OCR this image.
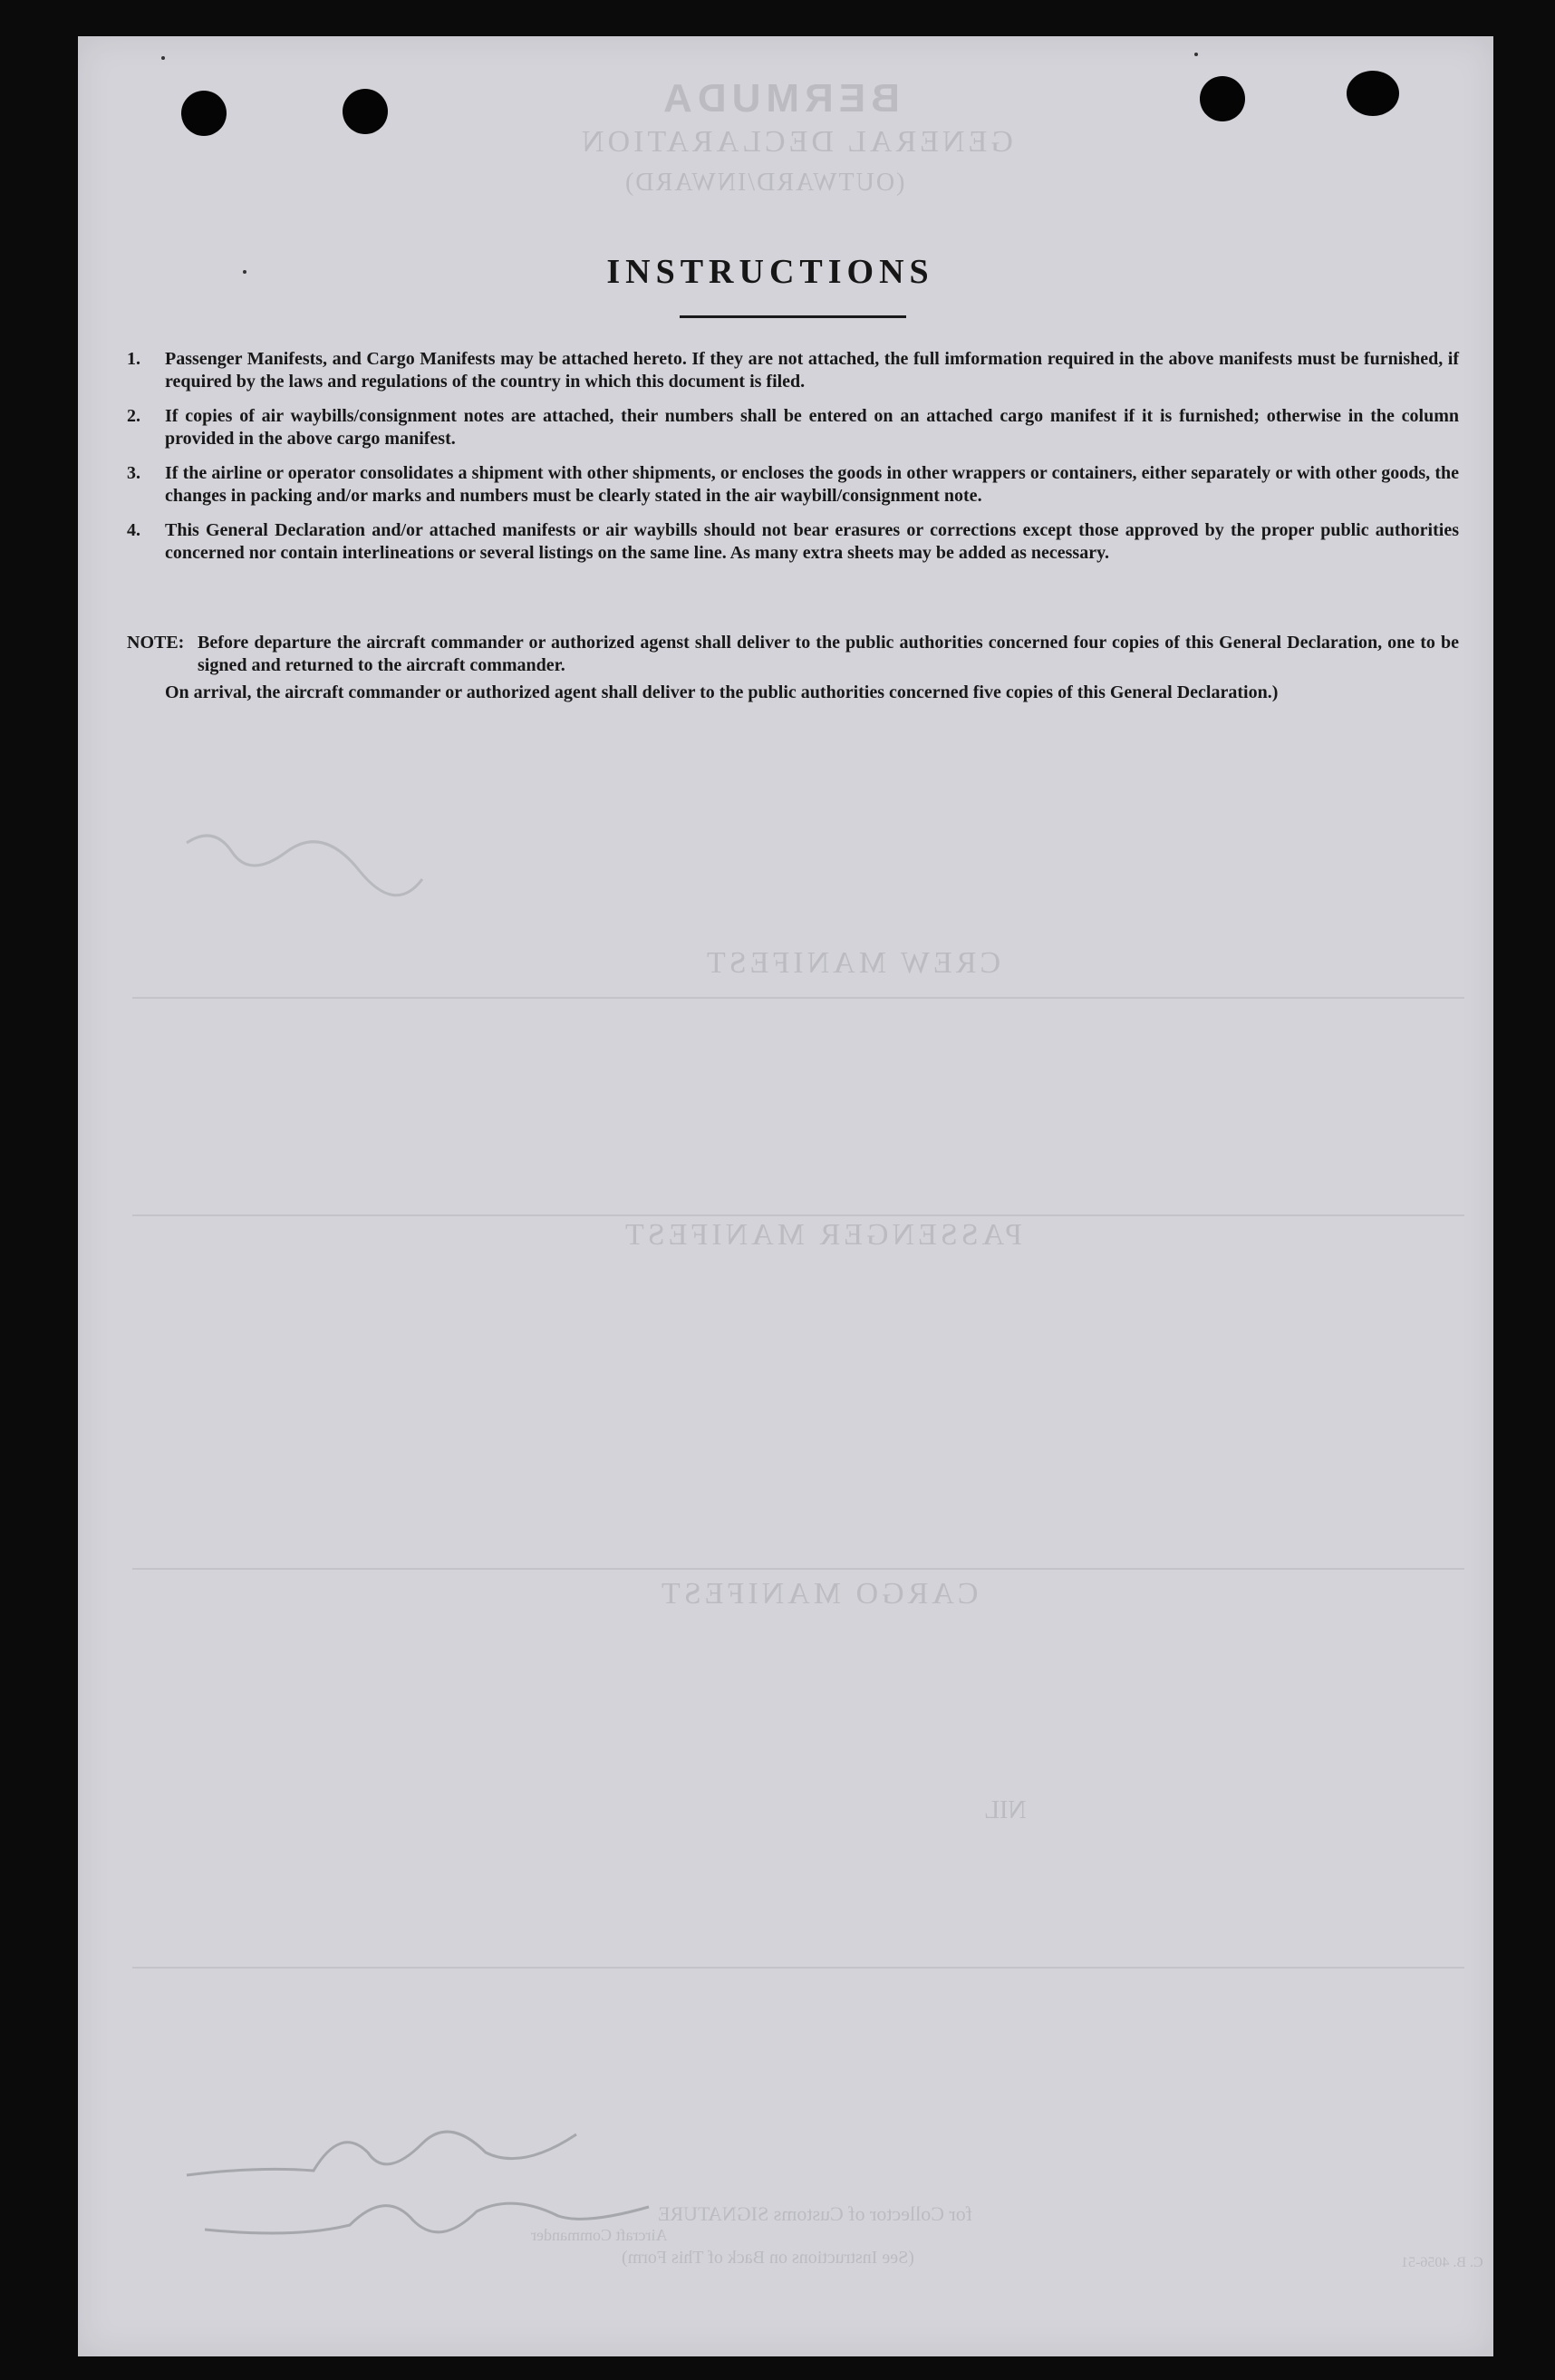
BERMUDA
GENERAL DECLARATION
(OUTWARD/INWARD)
CREW MANIFEST
PASSENGER MANIFEST
CARGO MANIFEST
NIL
for Collector of Customs SIGNATURE
(See Instructions on Back of This Form)
Aircraft Commander
C. B. 4056-51
INSTRUCTIONS
1.	Passenger Manifests, and Cargo Manifests may be attached hereto. If they are not attached, the full imformation required in the above manifests must be furnished, if required by the laws and regulations of the country in which this document is filed.
2.	If copies of air waybills/consignment notes are attached, their numbers shall be entered on an attached cargo manifest if it is furnished; otherwise in the column provided in the above cargo manifest.
3.	If the airline or operator consolidates a shipment with other shipments, or encloses the goods in other wrappers or containers, either separately or with other goods, the changes in packing and/or marks and numbers must be clearly stated in the air waybill/consignment note.
4.	This General Declaration and/or attached manifests or air waybills should not bear erasures or corrections except those approved by the proper public authorities concerned nor contain interlineations or several listings on the same line. As many extra sheets may be added as necessary.
NOTE: Before departure the aircraft commander or authorized agenst shall deliver to the public authorities concerned four copies of this General Declaration, one to be signed and returned to the aircraft commander.
On arrival, the aircraft commander or authorized agent shall deliver to the public authorities concerned five copies of this General Declaration.)
